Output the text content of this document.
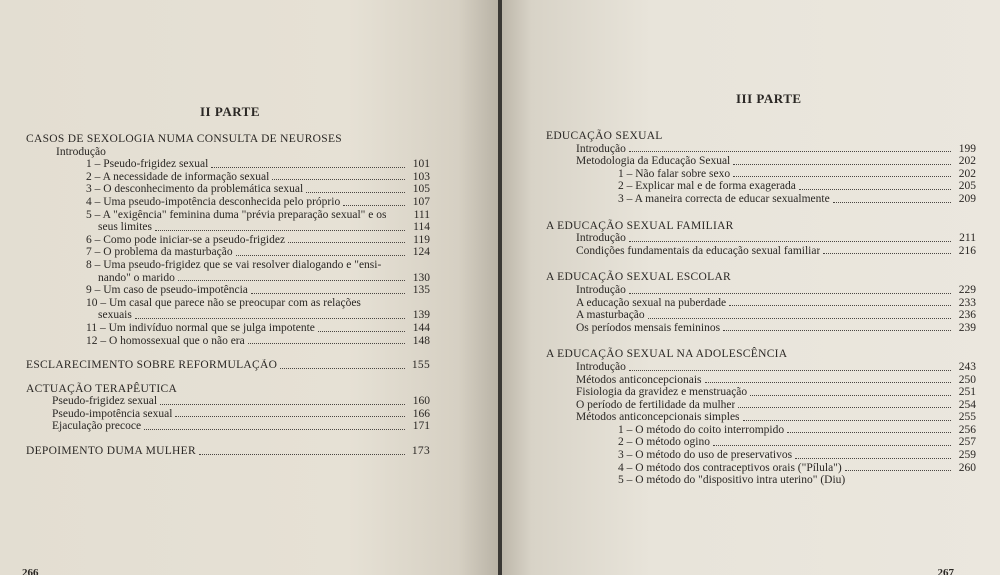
II PARTE
CASOS DE SEXOLOGIA NUMA CONSULTA DE NEUROSES
Introdução
1 – Pseudo-frigidez sexual	101
2 – A necessidade de informação sexual	103
3 – O desconhecimento da problemática sexual	105
4 – Uma pseudo-impotência desconhecida pelo próprio	107
5 – A "exigência" feminina duma "prévia preparação sexual" e os	111
seus limites	114
6 – Como pode iniciar-se a pseudo-frigidez	119
7 – O problema da masturbação	124
8 – Uma pseudo-frigidez que se vai resolver dialogando e "ensi-
nando" o marido	130
9 – Um caso de pseudo-impotência	135
10 – Um casal que parece não se preocupar com as relações
sexuais	139
11 – Um indivíduo normal que se julga impotente	144
12 – O homossexual que o não era	148
ESCLARECIMENTO SOBRE REFORMULAÇÃO	155
ACTUAÇÃO TERAPÊUTICA
Pseudo-frigidez sexual	160
Pseudo-impotência sexual	166
Ejaculação precoce	171
DEPOIMENTO DUMA MULHER	173
266
III PARTE
EDUCAÇÃO SEXUAL
Introdução	199
Metodologia da Educação Sexual	202
1 – Não falar sobre sexo	202
2 – Explicar mal e de forma exagerada	205
3 – A maneira correcta de educar sexualmente	209
A EDUCAÇÃO SEXUAL FAMILIAR
Introdução	211
Condições fundamentais da educação sexual familiar	216
A EDUCAÇÃO SEXUAL ESCOLAR
Introdução	229
A educação sexual na puberdade	233
A masturbação	236
Os períodos mensais femininos	239
A EDUCAÇÃO SEXUAL NA ADOLESCÊNCIA
Introdução	243
Métodos anticoncepcionais	250
Fisiologia da gravidez e menstruação	251
O período de fertilidade da mulher	254
Métodos anticoncepcionais simples	255
1 – O método do coito interrompido	256
2 – O método ogino	257
3 – O método do uso de preservativos	259
4 – O método dos contraceptivos orais ("Pílula")	260
5 – O método do "dispositivo intra uterino" (Diu)
267
